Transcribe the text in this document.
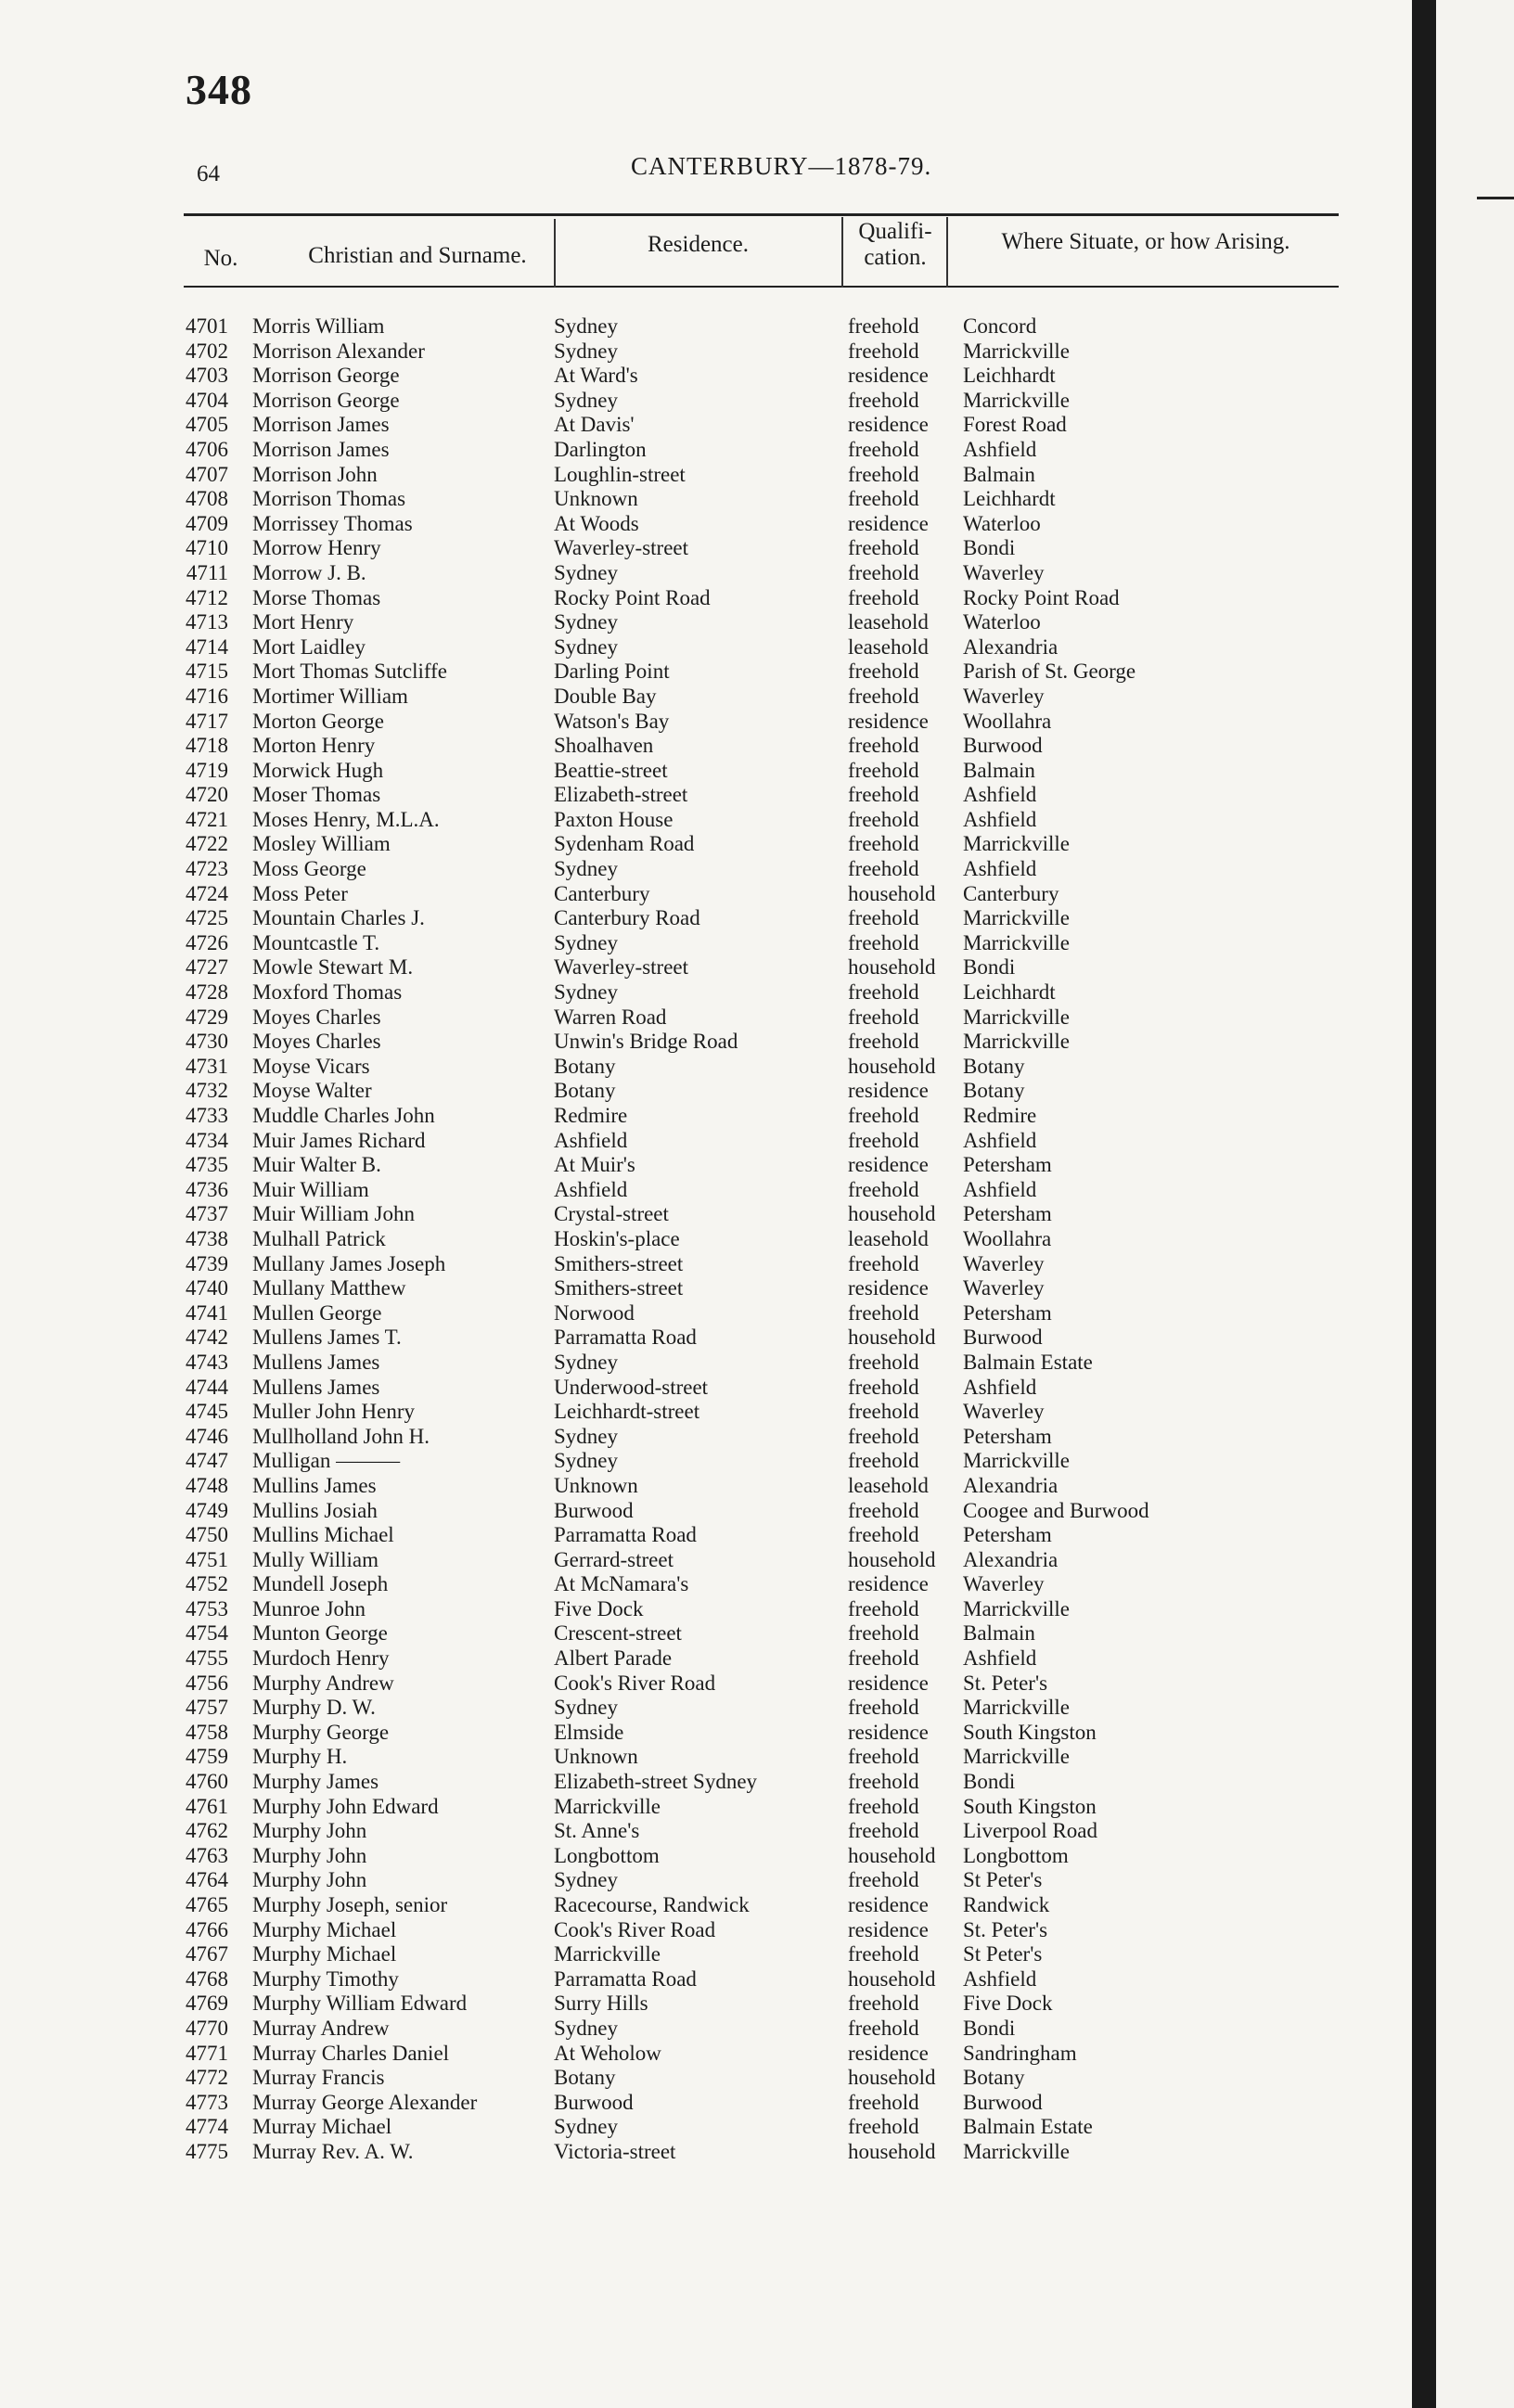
348
64	CANTERBURY—1878-79.
No.	Christian and Surname.	Residence.
Qualifi-
cation.
Where Situate, or how Arising.
4701 Morris William	Sydney	freehold Concord
4702 Morrison Alexander	Sydney	freehold Marrickville
4703 Morrison George	At Ward's	residence Leichhardt
4704 Morrison George	Sydney	freehold Marrickville
4705 Morrison James	At Davis'	residence Forest Road
4706 Morrison James	Darlington	freehold Ashfield
4707 Morrison John	Loughlin-street	freehold Balmain
4708 Morrison Thomas	Unknown	freehold Leichhardt
4709 Morrissey Thomas	At Woods	residence Waterloo
4710 Morrow Henry	Waverley-street	freehold Bondi
4711 Morrow J. B.	Sydney	freehold Waverley
4712 Morse Thomas	Rocky Point Road	freehold Rocky Point Road
4713 Mort Henry	Sydney	leasehold Waterloo
4714 Mort Laidley	Sydney	leasehold Alexandria
4715 Mort Thomas Sutcliffe	Darling Point	freehold Parish of St. George
4716 Mortimer William	Double Bay	freehold Waverley
4717 Morton George	Watson's Bay	residence Woollahra
4718 Morton Henry	Shoalhaven	freehold Burwood
4719 Morwick Hugh	Beattie-street	freehold Balmain
4720 Moser Thomas	Elizabeth-street	freehold Ashfield
4721 Moses Henry, M.L.A.	Paxton House	freehold Ashfield
4722 Mosley William	Sydenham Road	freehold Marrickville
4723 Moss George	Sydney	freehold Ashfield
4724 Moss Peter	Canterbury	household Canterbury
4725 Mountain Charles J.	Canterbury Road	freehold Marrickville
4726 Mountcastle T.	Sydney	freehold Marrickville
4727 Mowle Stewart M.	Waverley-street	household Bondi
4728 Moxford Thomas	Sydney	freehold Leichhardt
4729 Moyes Charles	Warren Road	freehold Marrickville
4730 Moyes Charles	Unwin's Bridge Road	freehold Marrickville
4731 Moyse Vicars	Botany	household Botany
4732 Moyse Walter	Botany	residence Botany
4733 Muddle Charles John	Redmire	freehold Redmire
4734 Muir James Richard	Ashfield	freehold Ashfield
4735 Muir Walter B.	At Muir's	residence Petersham
4736 Muir William	Ashfield	freehold Ashfield
4737 Muir William John	Crystal-street	household Petersham
4738 Mulhall Patrick	Hoskin's-place	leasehold Woollahra
4739 Mullany James Joseph	Smithers-street	freehold Waverley
4740 Mullany Matthew	Smithers-street	residence Waverley
4741 Mullen George	Norwood	freehold Petersham
4742 Mullens James T.	Parramatta Road	household Burwood
4743 Mullens James	Sydney	freehold Balmain Estate
4744 Mullens James	Underwood-street	freehold Ashfield
4745 Muller John Henry	Leichhardt-street	freehold Waverley
4746 Mullholland John H.	Sydney	freehold Petersham
4747 Mulligan ———	Sydney	freehold Marrickville
4748 Mullins James	Unknown	leasehold Alexandria
4749 Mullins Josiah	Burwood	freehold Coogee and Burwood
4750 Mullins Michael	Parramatta Road	freehold Petersham
4751 Mully William	Gerrard-street	household Alexandria
4752 Mundell Joseph	At McNamara's	residence Waverley
4753 Munroe John	Five Dock	freehold Marrickville
4754 Munton George	Crescent-street	freehold Balmain
4755 Murdoch Henry	Albert Parade	freehold Ashfield
4756 Murphy Andrew	Cook's River Road	residence St. Peter's
4757 Murphy D. W.	Sydney	freehold Marrickville
4758 Murphy George	Elmside	residence South Kingston
4759 Murphy H.	Unknown	freehold Marrickville
4760 Murphy James	Elizabeth-street Sydney	freehold Bondi
4761 Murphy John Edward	Marrickville	freehold South Kingston
4762 Murphy John	St. Anne's	freehold Liverpool Road
4763 Murphy John	Longbottom	household Longbottom
4764 Murphy John	Sydney	freehold St Peter's
4765 Murphy Joseph, senior	Racecourse, Randwick	residence Randwick
4766 Murphy Michael	Cook's River Road	residence St. Peter's
4767 Murphy Michael	Marrickville	freehold St Peter's
4768 Murphy Timothy	Parramatta Road	household Ashfield
4769 Murphy William Edward	Surry Hills	freehold Five Dock
4770 Murray Andrew	Sydney	freehold Bondi
4771 Murray Charles Daniel	At Weholow	residence Sandringham
4772 Murray Francis	Botany	household Botany
4773 Murray George Alexander	Burwood	freehold Burwood
4774 Murray Michael	Sydney	freehold Balmain Estate
4775 Murray Rev. A. W.	Victoria-street	household Marrickville
